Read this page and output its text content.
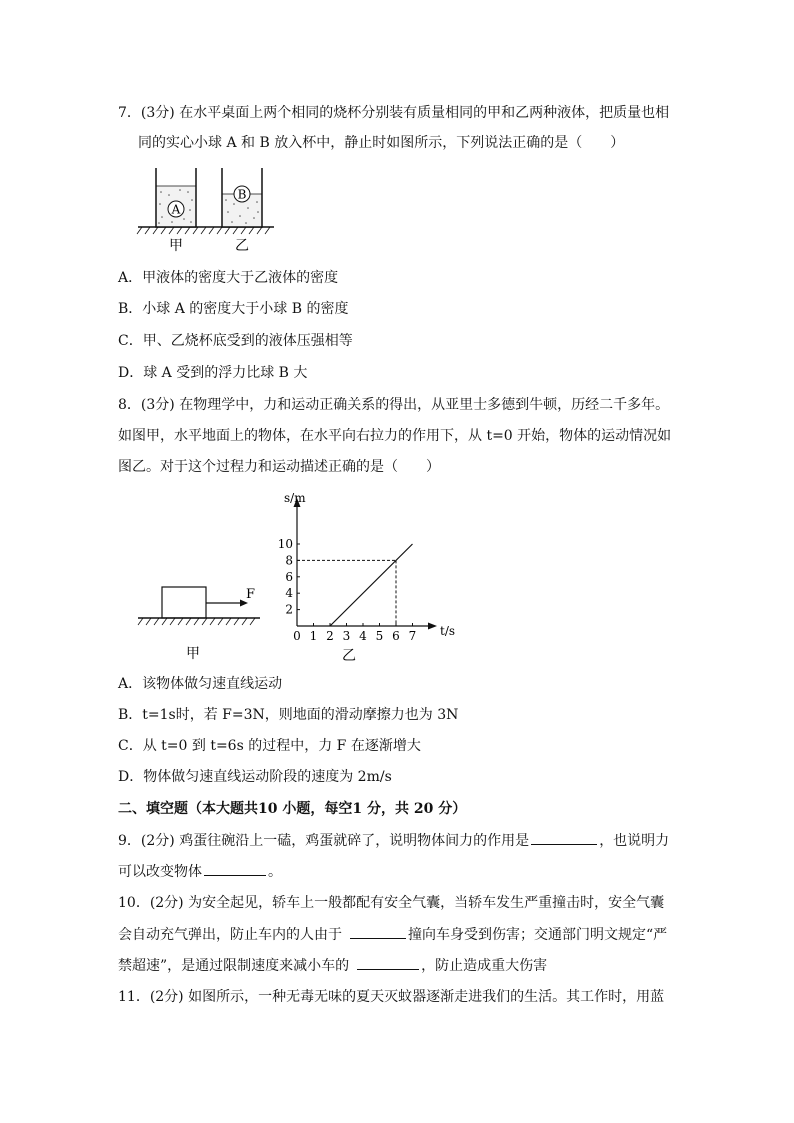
7．(3分) 在水平桌面上两个相同的烧杯分别装有质量相同的甲和乙两种液体，把质量也相
同的实心小球 A 和 B 放入杯中，静止时如图所示，下列说法正确的是（　　）
A
B
甲	乙
A．甲液体的密度大于乙液体的密度
B．小球 A 的密度大于小球 B 的密度
C．甲、乙烧杯底受到的液体压强相等
D．球 A 受到的浮力比球 B 大
8．(3分) 在物理学中，力和运动正确关系的得出，从亚里士多德到牛顿，历经二千多年。
如图甲，水平地面上的物体，在水平向右拉力的作用下，从 t=0 开始，物体的运动情况如
图乙。对于这个过程力和运动描述正确的是（　　）
F
甲
s/m
t/s
乙
0 1 2 3 4 5 6 7
2
4
6
8
10
A．该物体做匀速直线运动
B．t=1s时，若 F=3N，则地面的滑动摩擦力也为 3N
C．从 t=0 到 t=6s 的过程中，力 F 在逐渐增大
D．物体做匀速直线运动阶段的速度为 2m/s
二、填空题（本大题共10 小题，每空1 分，共 20 分）
9．(2分) 鸡蛋往碗沿上一磕，鸡蛋就碎了，说明物体间力的作用是	，也说明力
可以改变物体	。
10．(2分) 为安全起见，轿车上一般都配有安全气囊，当轿车发生严重撞击时，安全气囊
会自动充气弹出，防止车内的人由于	撞向车身受到伤害；交通部门明文规定“严
禁超速”，是通过限制速度来减小车的	，防止造成重大伤害
11．(2分) 如图所示，一种无毒无味的夏天灭蚊器逐渐走进我们的生活。其工作时，用蓝
